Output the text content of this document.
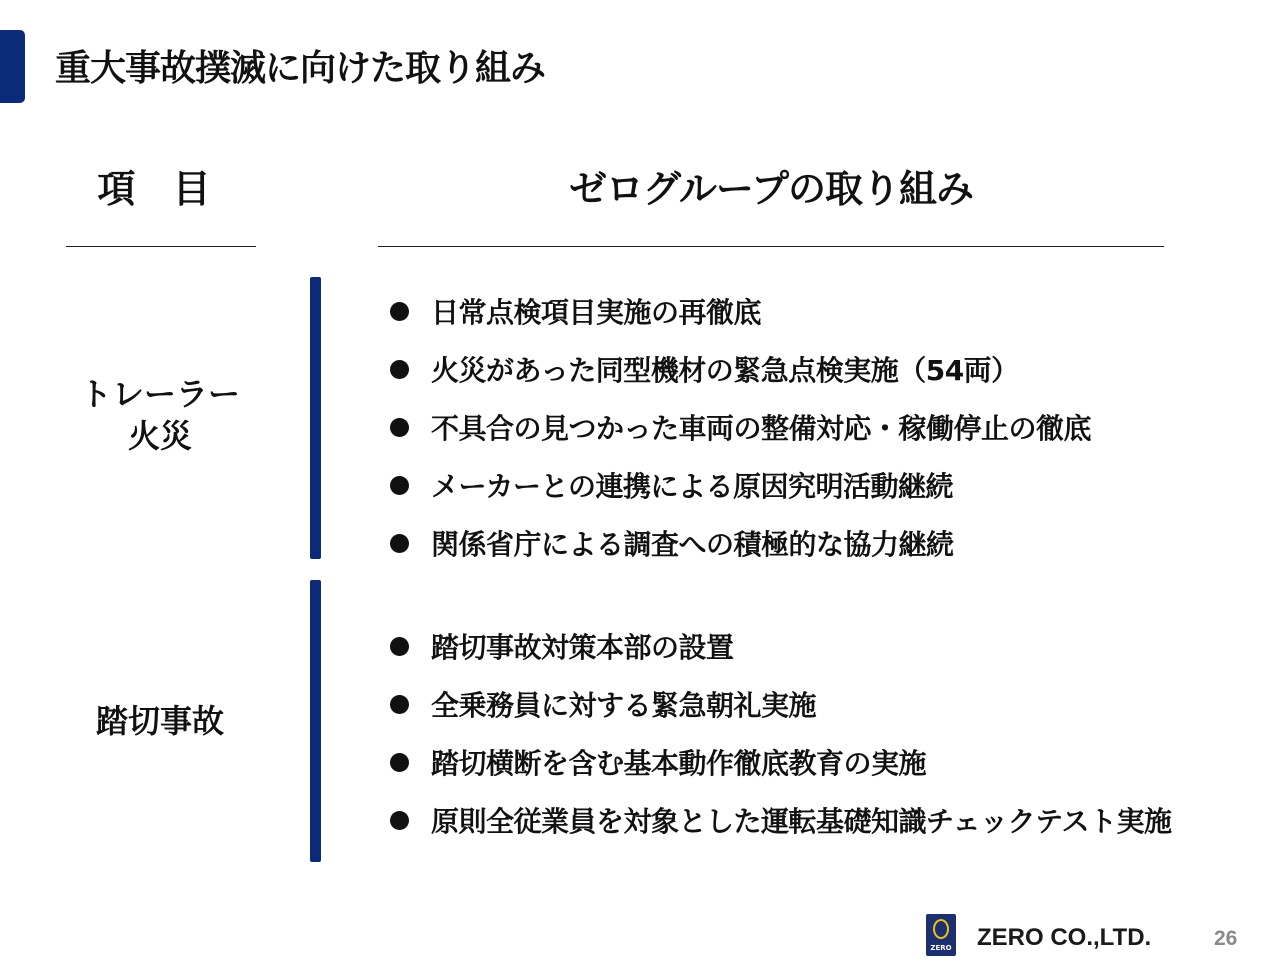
重大事故撲滅に向けた取り組み
項 目	ゼログループの取り組み
トレーラー
火災
日常点検項目実施の再徹底
火災があった同型機材の緊急点検実施（54両）
不具合の見つかった車両の整備対応・稼働停止の徹底
メーカーとの連携による原因究明活動継続
関係省庁による調査への積極的な協力継続
踏切事故
踏切事故対策本部の設置
全乗務員に対する緊急朝礼実施
踏切横断を含む基本動作徹底教育の実施
原則全従業員を対象とした運転基礎知識チェックテスト実施
ZERO ZERO CO.,LTD.	26
